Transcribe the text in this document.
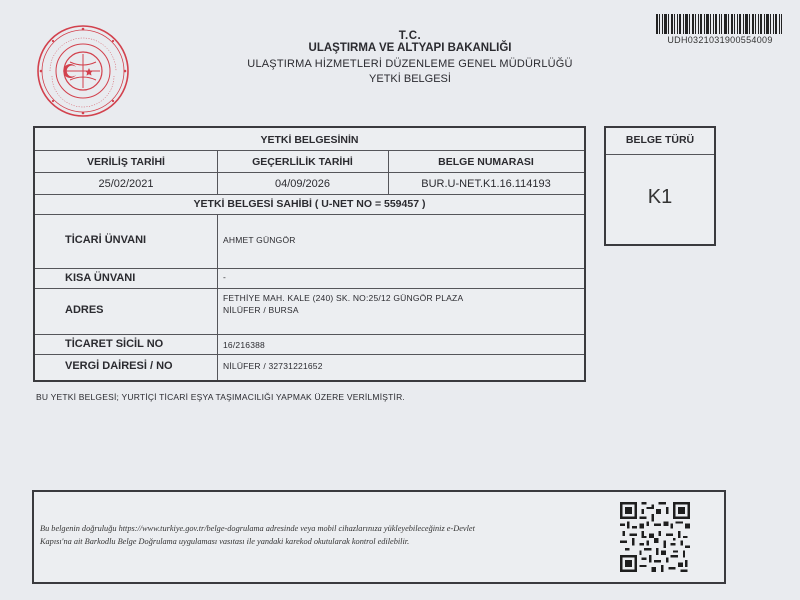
UDH0321031900554009
T.C.
ULAŞTIRMA VE ALTYAPI BAKANLIĞI
ULAŞTIRMA HİZMETLERİ DÜZENLEME GENEL MÜDÜRLÜĞÜ
YETKİ BELGESİ
YETKİ BELGESİNİN
VERİLİŞ TARİHİ	GEÇERLİLİK TARİHİ	BELGE NUMARASI
25/02/2021	04/09/2026	BUR.U-NET.K1.16.114193
YETKİ BELGESİ SAHİBİ ( U-NET NO = 559457 )
TİCARİ ÜNVANI	AHMET GÜNGÖR
KISA ÜNVANI	-
ADRES
FETHİYE MAH. KALE (240) SK. NO:25/12 GÜNGÖR PLAZA
NİLÜFER / BURSA
TİCARET SİCİL NO	16/216388
VERGİ DAİRESİ / NO	NİLÜFER / 32731221652
BELGE TÜRÜ
K1
BU YETKİ BELGESİ; YURTİÇİ TİCARİ EŞYA TAŞIMACILIĞI YAPMAK ÜZERE VERİLMİŞTİR.
Bu belgenin doğruluğu https://www.turkiye.gov.tr/belge-dogrulama adresinde veya mobil cihazlarınıza yükleyebileceğiniz e-Devlet
Kapısı'na ait Barkodlu Belge Doğrulama uygulaması vasıtası ile yandaki karekod okutularak kontrol edilebilir.
